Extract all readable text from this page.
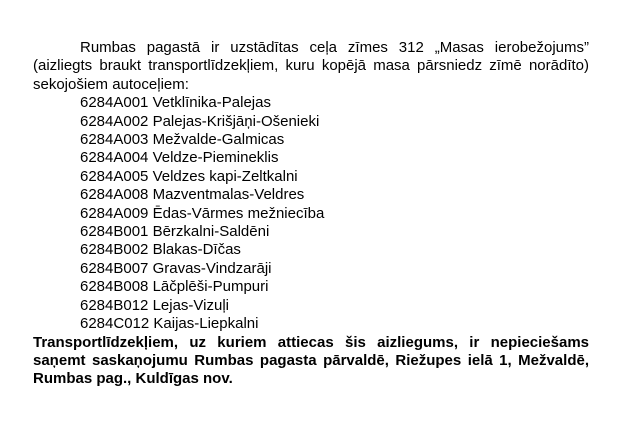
Rumbas pagastā ir uzstādītas ceļa zīmes 312 „Masas ierobežojums” (aizliegts braukt transportlīdzekļiem, kuru kopējā masa pārsniedz zīmē norādīto) sekojošiem autoceļiem:

6284A001 Vetklīnika-Palejas
6284A002 Palejas-Krišjāņi-Ošenieki
6284A003 Mežvalde-Galmicas
6284A004 Veldze-Piemineklis
6284A005 Veldzes kapi-Zeltkalni
6284A008 Mazventmalas-Veldres
6284A009 Ēdas-Vārmes mežniecība
6284B001 Bērzkalni-Saldēni
6284B002 Blakas-Dīčas
6284B007 Gravas-Vindzarāji
6284B008 Lāčplēši-Pumpuri
6284B012 Lejas-Vizuļi
6284C012 Kaijas-Liepkalni

Transportlīdzekļiem, uz kuriem attiecas šis aizliegums, ir nepieciešams saņemt saskaņojumu Rumbas pagasta pārvaldē, Riežupes ielā 1, Mežvaldē, Rumbas pag., Kuldīgas nov.
